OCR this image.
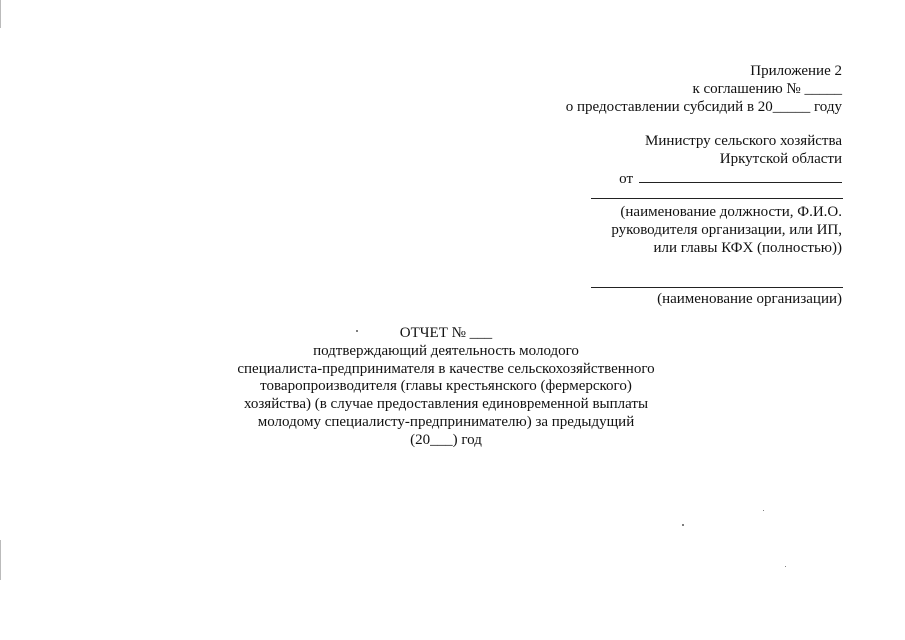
Приложение 2
к соглашению № _____
о предоставлении субсидий в 20_____ году
Министру сельского хозяйства
Иркутской области
от
(наименование должности, Ф.И.О.
руководителя организации, или ИП,
или главы КФХ (полностью))
(наименование организации)
ОТЧЕТ № ___
подтверждающий деятельность молодого
специалиста-предпринимателя в качестве сельскохозяйственного
товаропроизводителя (главы крестьянского (фермерского)
хозяйства) (в случае предоставления единовременной выплаты
молодому специалисту-предпринимателю) за предыдущий
(20___) год
